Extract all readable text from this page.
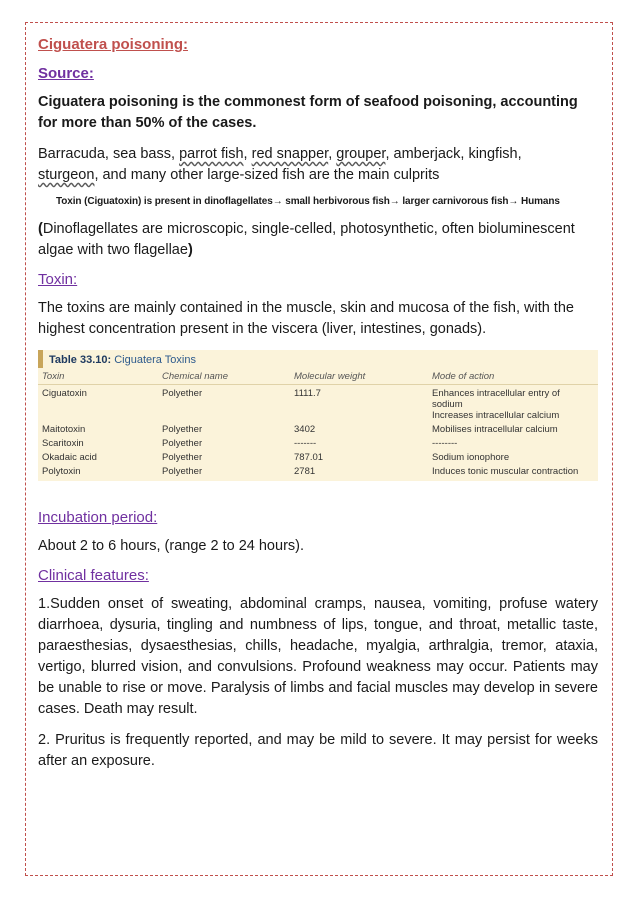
Ciguatera poisoning:
Source:

Ciguatera poisoning is the commonest form of seafood poisoning, accounting for more than 50% of the cases.

Barracuda, sea bass, parrot fish, red snapper, grouper, amberjack, kingfish,
sturgeon, and many other large-sized fish are the main culprits

Toxin (Ciguatoxin) is present in dinoflagellates→ small herbivorous fish→ larger carnivorous fish→ Humans

(Dinoflagellates are microscopic, single-celled, photosynthetic, often bioluminescent algae with two flagellae)

Toxin:

The toxins are mainly contained in the muscle, skin and mucosa of the fish, with the highest concentration present in the viscera (liver, intestines, gonads).

Table 33.10: Ciguatera Toxins
Toxin	Chemical name	Molecular weight	Mode of action
Ciguatoxin	Polyether	1111.7	Enhances intracellular entry of sodium
Increases intracellular calcium
Maitotoxin	Polyether	3402	Mobilises intracellular calcium
Scaritoxin	Polyether	-------	--------
Okadaic acid	Polyether	787.01	Sodium ionophore
Polytoxin	Polyether	2781	Induces tonic muscular contraction
Incubation period:

About 2 to 6 hours, (range 2 to 24 hours).

Clinical features:

1.Sudden onset of sweating, abdominal cramps, nausea, vomiting, profuse watery diarrhoea, dysuria, tingling and numbness of lips, tongue, and throat, metallic taste, paraesthesias, dysaesthesias, chills, headache, myalgia, arthralgia, tremor, ataxia, vertigo, blurred vision, and convulsions. Profound weakness may occur. Patients may be unable to rise or move. Paralysis of limbs and facial muscles may develop in severe cases. Death may result.

2. Pruritus is frequently reported, and may be mild to severe. It may persist for weeks after an exposure.
